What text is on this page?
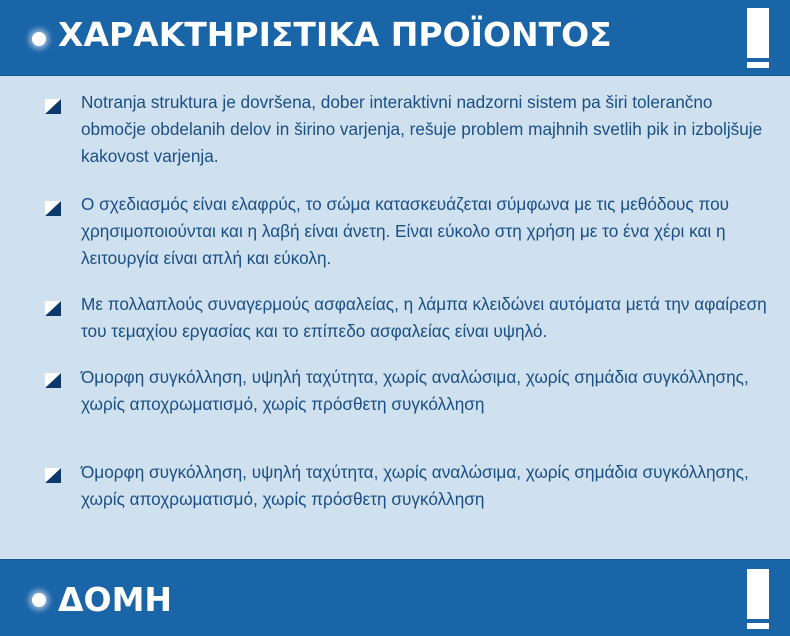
ΧΑΡΑΚΤΗΡΙΣΤΙΚΑ ΠΡΟΪΟΝΤΟΣ

Notranja struktura je dovršena, dober interaktivni nadzorni sistem pa širi tolerančno območje obdelanih delov in širino varjenja, rešuje problem majhnih svetlih pik in izboljšuje kakovost varjenja.

Ο σχεδιασμός είναι ελαφρύς, το σώμα κατασκευάζεται σύμφωνα με τις μεθόδους που χρησιμοποιούνται και η λαβή είναι άνετη. Είναι εύκολο στη χρήση με το ένα χέρι και η λειτουργία είναι απλή και εύκολη.

Με πολλαπλούς συναγερμούς ασφαλείας, η λάμπα κλειδώνει αυτόματα μετά την αφαίρεση του τεμαχίου εργασίας και το επίπεδο ασφαλείας είναι υψηλό.

Όμορφη συγκόλληση, υψηλή ταχύτητα, χωρίς αναλώσιμα, χωρίς σημάδια συγκόλλησης, χωρίς αποχρωματισμό, χωρίς πρόσθετη συγκόλληση

Όμορφη συγκόλληση, υψηλή ταχύτητα, χωρίς αναλώσιμα, χωρίς σημάδια συγκόλλησης, χωρίς αποχρωματισμό, χωρίς πρόσθετη συγκόλληση

ΔΟΜΗ
